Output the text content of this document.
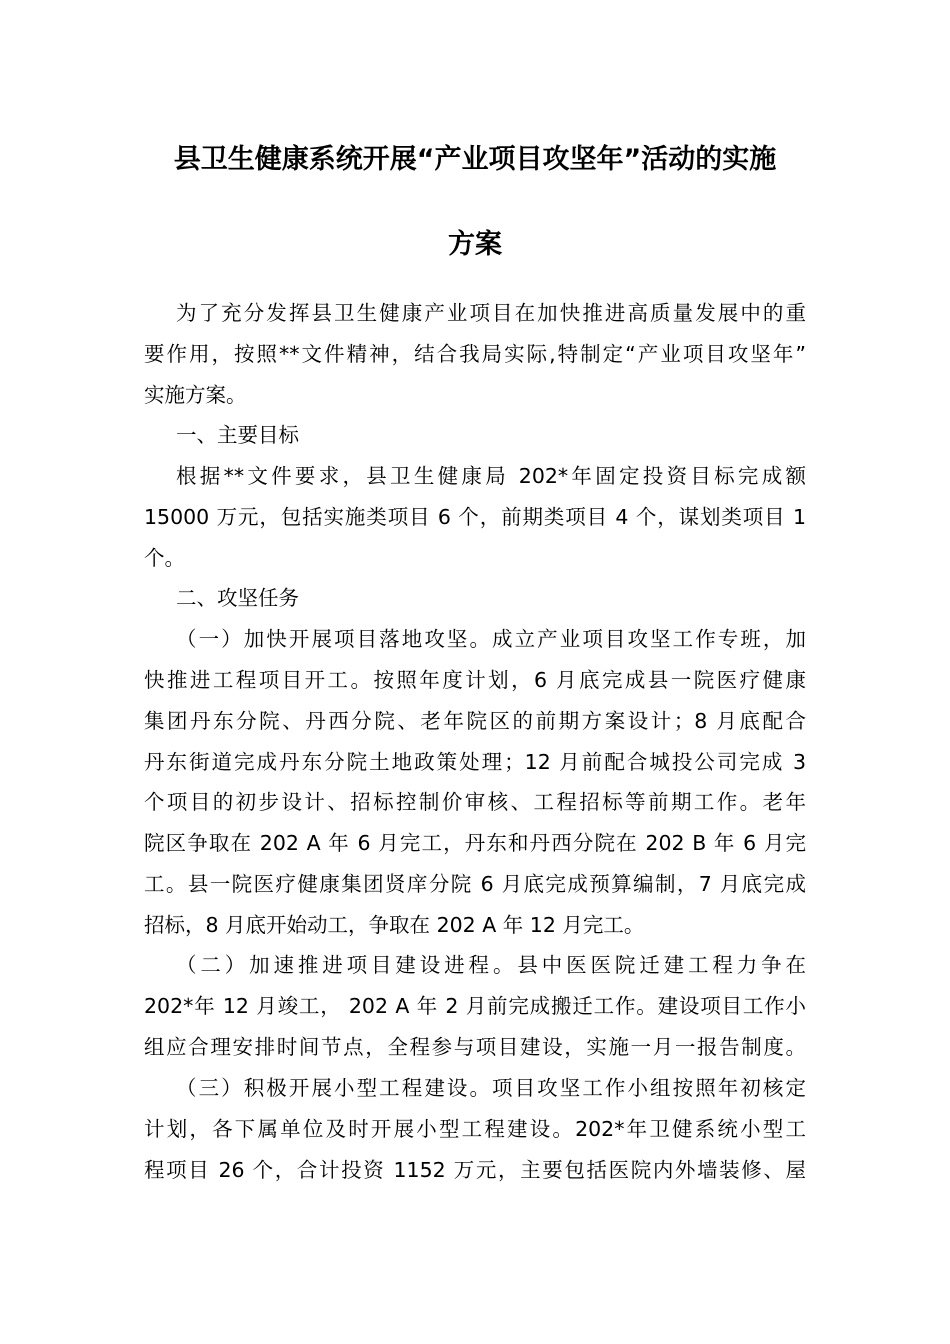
县卫生健康系统开展“产业项目攻坚年”活动的实施
方案
为了充分发挥县卫生健康产业项目在加快推进高质量发展中的重
要作用，按照**文件精神，结合我局实际,特制定“产业项目攻坚年”
实施方案。
一、主要目标
根据**文件要求，县卫生健康局 202*年固定投资目标完成额
15000 万元，包括实施类项目 6 个，前期类项目 4 个，谋划类项目 1
个。
二、攻坚任务
（一）加快开展项目落地攻坚。成立产业项目攻坚工作专班，加
快推进工程项目开工。按照年度计划，6 月底完成县一院医疗健康
集团丹东分院、丹西分院、老年院区的前期方案设计；8 月底配合
丹东街道完成丹东分院土地政策处理；12 月前配合城投公司完成 3
个项目的初步设计、招标控制价审核、工程招标等前期工作。老年
院区争取在 202 A 年 6 月完工，丹东和丹西分院在 202 B 年 6 月完
工。县一院医疗健康集团贤庠分院 6 月底完成预算编制，7 月底完成
招标，8 月底开始动工，争取在 202 A 年 12 月完工。
（二）加速推进项目建设进程。县中医医院迁建工程力争在
202*年 12 月竣工， 202 A 年 2 月前完成搬迁工作。建设项目工作小
组应合理安排时间节点，全程参与项目建设，实施一月一报告制度。
（三）积极开展小型工程建设。项目攻坚工作小组按照年初核定
计划，各下属单位及时开展小型工程建设。202*年卫健系统小型工
程项目 26 个，合计投资 1152 万元，主要包括医院内外墙装修、屋
